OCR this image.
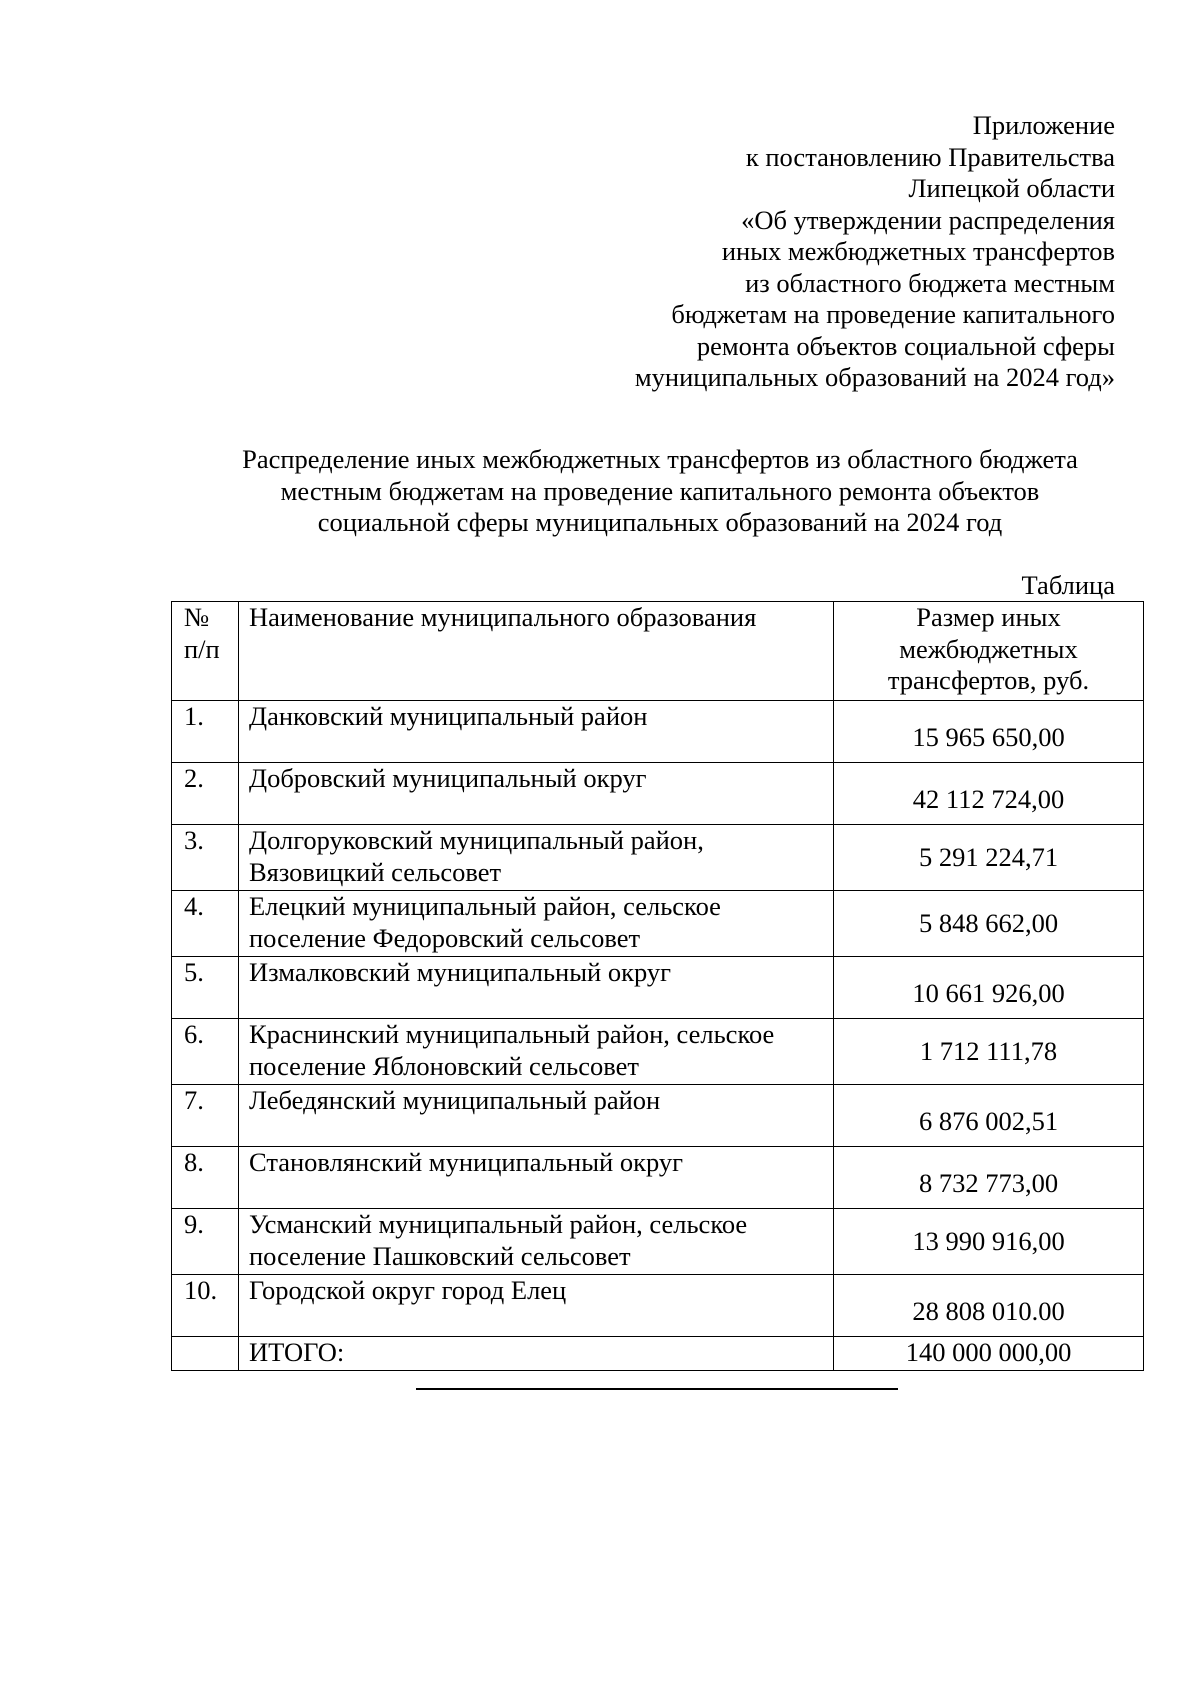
Приложение
к постановлению Правительства
Липецкой области
«Об утверждении распределения
иных межбюджетных трансфертов
из областного бюджета местным
бюджетам на проведение капитального
ремонта объектов социальной сферы
муниципальных образований на 2024 год»
Распределение иных межбюджетных трансфертов из областного бюджета
местным бюджетам на проведение капитального ремонта объектов
социальной сферы муниципальных образований на 2024 год
Таблица
№ п/п	Наименование муниципального образования	Размер иных межбюджетных трансфертов, руб.
1.	Данковский муниципальный район	15 965 650,00
2.	Добровский муниципальный округ	42 112 724,00
3.	Долгоруковский муниципальный район, Вязовицкий сельсовет	5 291 224,71
4.	Елецкий муниципальный район, сельское поселение Федоровский сельсовет	5 848 662,00
5.	Измалковский муниципальный округ	10 661 926,00
6.	Краснинский муниципальный район, сельское поселение Яблоновский сельсовет	1 712 111,78
7.	Лебедянский муниципальный район	6 876 002,51
8.	Становлянский муниципальный округ	8 732 773,00
9.	Усманский муниципальный район, сельское поселение Пашковский сельсовет	13 990 916,00
10.	Городской округ город Елец	28 808 010.00
	ИТОГО:	140 000 000,00
